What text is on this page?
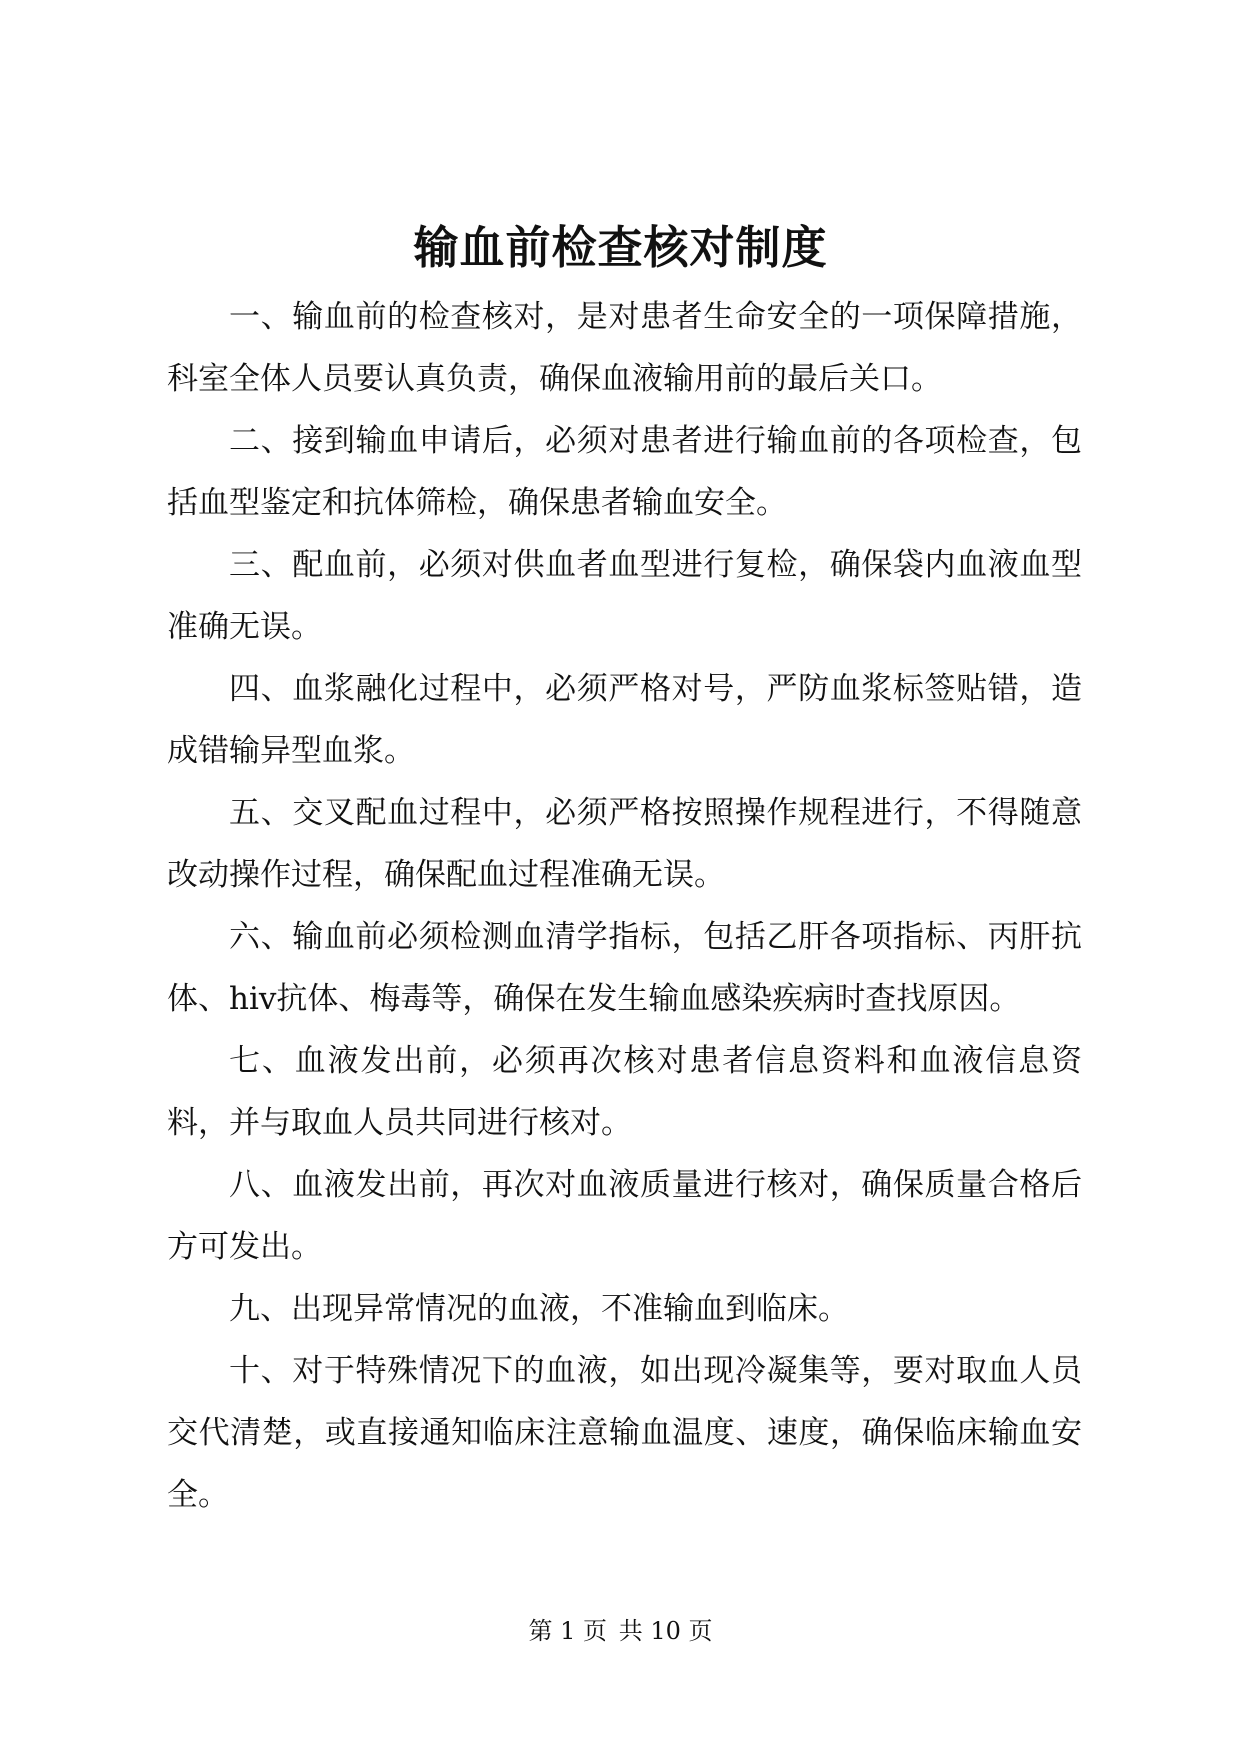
输血前检查核对制度

一、输血前的检查核对，是对患者生命安全的一项保障措施，科室全体人员要认真负责，确保血液输用前的最后关口。

二、接到输血申请后，必须对患者进行输血前的各项检查，包括血型鉴定和抗体筛检，确保患者输血安全。

三、配血前，必须对供血者血型进行复检，确保袋内血液血型准确无误。

四、血浆融化过程中，必须严格对号，严防血浆标签贴错，造成错输异型血浆。

五、交叉配血过程中，必须严格按照操作规程进行，不得随意改动操作过程，确保配血过程准确无误。

六、输血前必须检测血清学指标，包括乙肝各项指标、丙肝抗体、hiv抗体、梅毒等，确保在发生输血感染疾病时查找原因。

七、血液发出前，必须再次核对患者信息资料和血液信息资料，并与取血人员共同进行核对。

八、血液发出前，再次对血液质量进行核对，确保质量合格后方可发出。

九、出现异常情况的血液，不准输血到临床。

十、对于特殊情况下的血液，如出现冷凝集等，要对取血人员交代清楚，或直接通知临床注意输血温度、速度，确保临床输血安全。

第 1 页 共 10 页
